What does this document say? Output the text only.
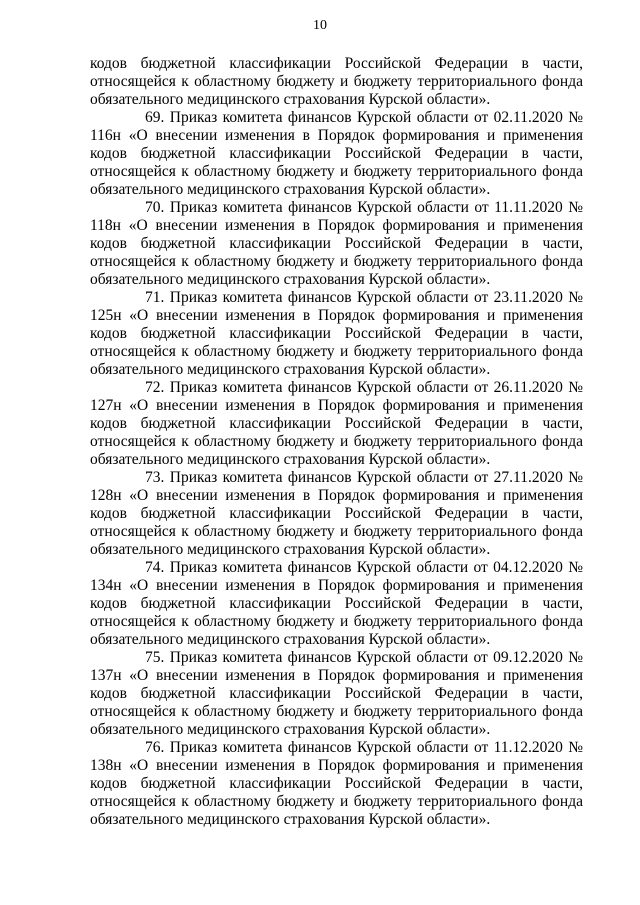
10

кодов бюджетной классификации Российской Федерации в части, относящейся к областному бюджету и бюджету территориального фонда обязательного медицинского страхования Курской области».

69. Приказ комитета финансов Курской области от 02.11.2020 № 116н «О внесении изменения в Порядок формирования и применения кодов бюджетной классификации Российской Федерации в части, относящейся к областному бюджету и бюджету территориального фонда обязательного медицинского страхования Курской области».

70. Приказ комитета финансов Курской области от 11.11.2020 № 118н «О внесении изменения в Порядок формирования и применения кодов бюджетной классификации Российской Федерации в части, относящейся к областному бюджету и бюджету территориального фонда обязательного медицинского страхования Курской области».

71. Приказ комитета финансов Курской области от 23.11.2020 № 125н «О внесении изменения в Порядок формирования и применения кодов бюджетной классификации Российской Федерации в части, относящейся к областному бюджету и бюджету территориального фонда обязательного медицинского страхования Курской области».

72. Приказ комитета финансов Курской области от 26.11.2020 № 127н «О внесении изменения в Порядок формирования и применения кодов бюджетной классификации Российской Федерации в части, относящейся к областному бюджету и бюджету территориального фонда обязательного медицинского страхования Курской области».

73. Приказ комитета финансов Курской области от 27.11.2020 № 128н «О внесении изменения в Порядок формирования и применения кодов бюджетной классификации Российской Федерации в части, относящейся к областному бюджету и бюджету территориального фонда обязательного медицинского страхования Курской области».

74. Приказ комитета финансов Курской области от 04.12.2020 № 134н «О внесении изменения в Порядок формирования и применения кодов бюджетной классификации Российской Федерации в части, относящейся к областному бюджету и бюджету территориального фонда обязательного медицинского страхования Курской области».

75. Приказ комитета финансов Курской области от 09.12.2020 № 137н «О внесении изменения в Порядок формирования и применения кодов бюджетной классификации Российской Федерации в части, относящейся к областному бюджету и бюджету территориального фонда обязательного медицинского страхования Курской области».

76. Приказ комитета финансов Курской области от 11.12.2020 № 138н «О внесении изменения в Порядок формирования и применения кодов бюджетной классификации Российской Федерации в части, относящейся к областному бюджету и бюджету территориального фонда обязательного медицинского страхования Курской области».
